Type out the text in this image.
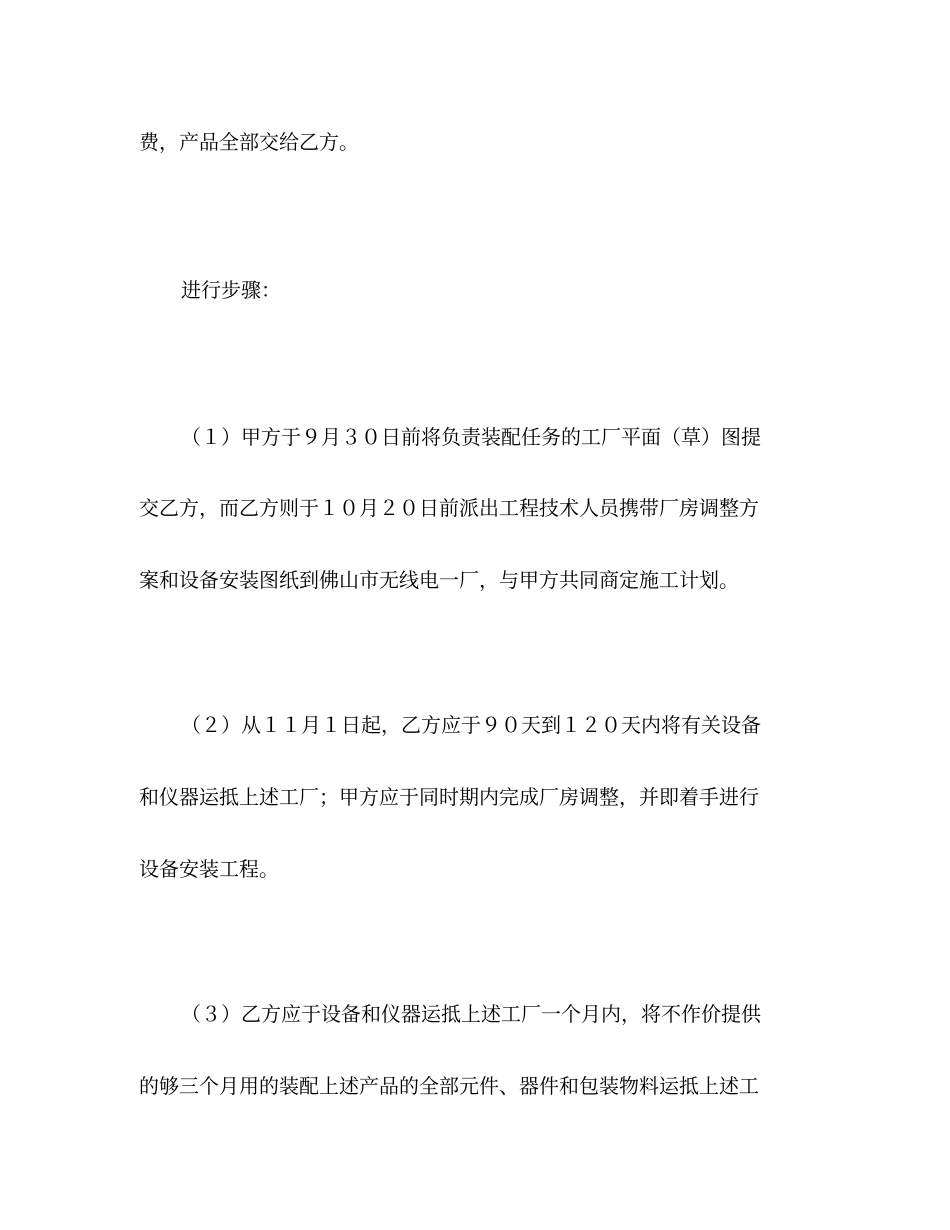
费，产品全部交给乙方。
进行步骤：
（１）甲方于９月３０日前将负责装配任务的工厂平面（草）图提
交乙方，而乙方则于１０月２０日前派出工程技术人员携带厂房调整方
案和设备安装图纸到佛山市无线电一厂，与甲方共同商定施工计划。
（２）从１１月１日起，乙方应于９０天到１２０天内将有关设备
和仪器运抵上述工厂；甲方应于同时期内完成厂房调整，并即着手进行
设备安装工程。
（３）乙方应于设备和仪器运抵上述工厂一个月内，将不作价提供
的够三个月用的装配上述产品的全部元件、器件和包装物料运抵上述工
